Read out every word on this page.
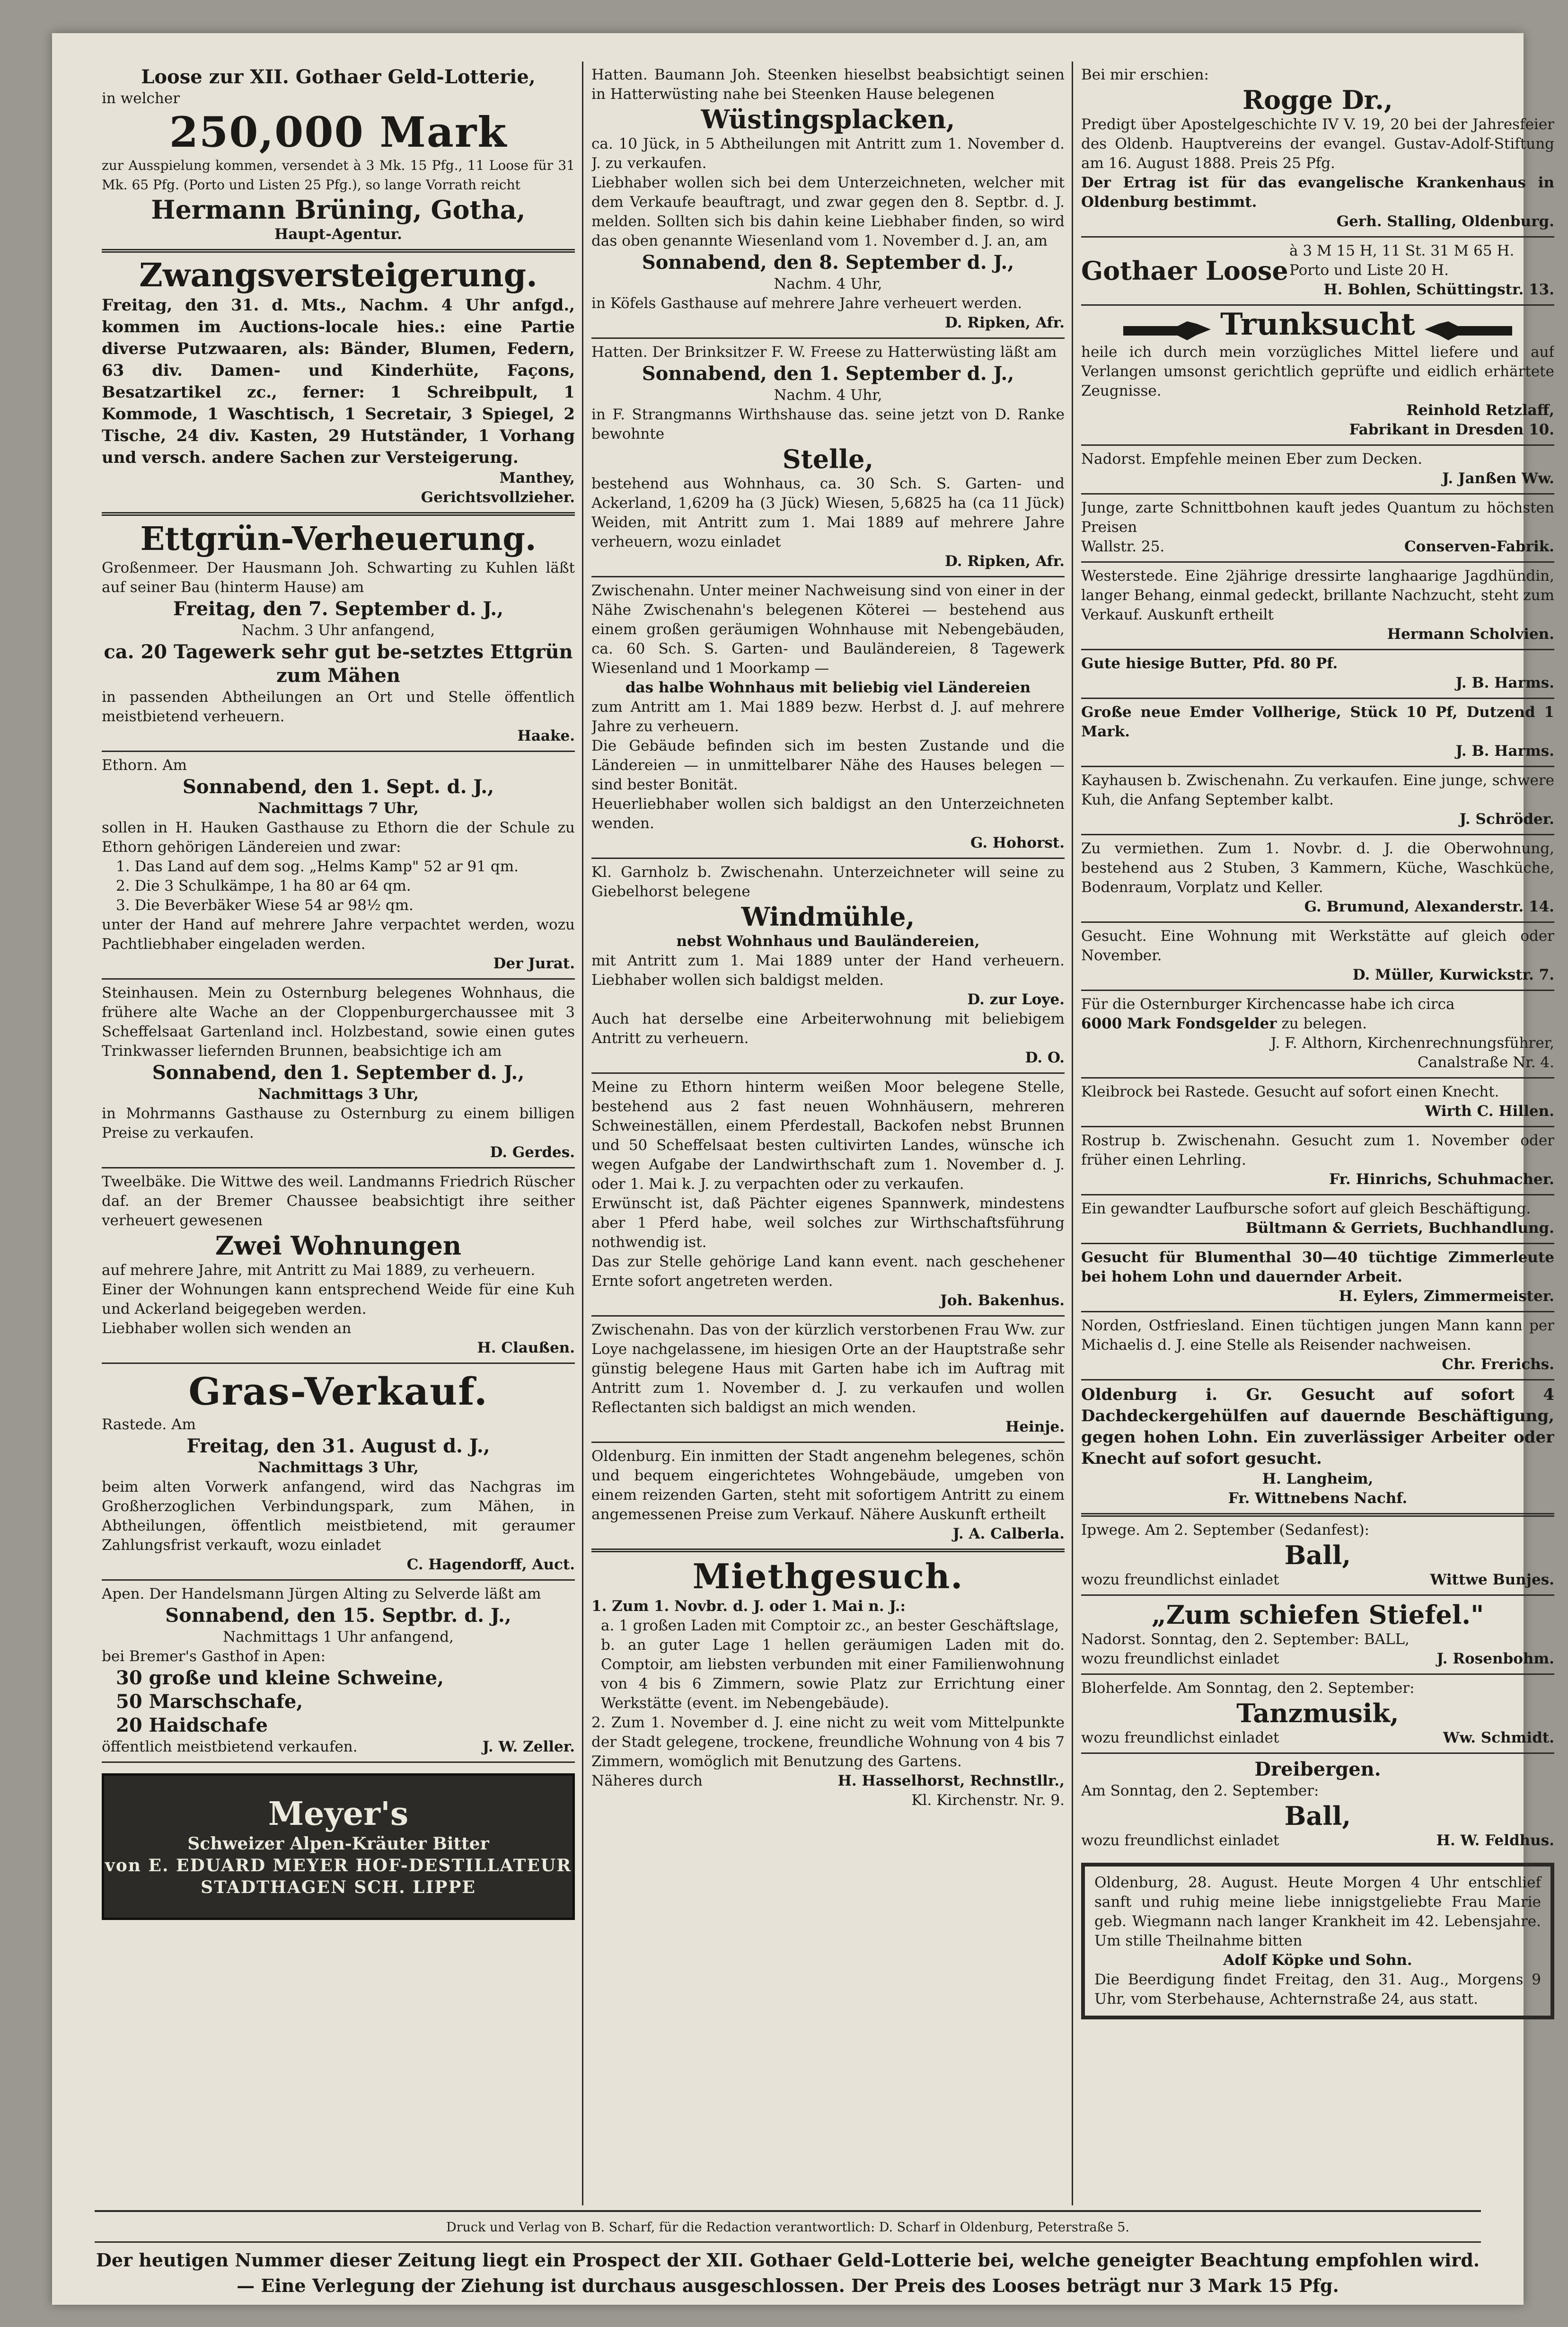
Loose zur XII. Gothaer Geld-Lotterie,
in welcher
250,000 Mark
zur Ausspielung kommen, versendet à 3 Mk. 15 Pfg., 11 Loose für 31 Mk. 65 Pfg. (Porto und Listen 25 Pfg.), so lange Vorrath reicht
Hermann Brüning, Gotha,
Haupt-Agentur.
Zwangsversteigerung.
Freitag, den 31. d. Mts., Nachm. 4 Uhr anfgd., kommen im Auctions-locale hies.: eine Partie diverse Putzwaaren, als: Bänder, Blumen, Federn, 63 div. Damen- und Kinderhüte, Façons, Besatzartikel zc., ferner: 1 Schreibpult, 1 Kommode, 1 Waschtisch, 1 Secretair, 3 Spiegel, 2 Tische, 24 div. Kasten, 29 Hutständer, 1 Vorhang und versch. andere Sachen zur Versteigerung.
Manthey,
Gerichtsvollzieher.
Ettgrün-Verheuerung.
Großenmeer. Der Hausmann Joh. Schwarting zu Kuhlen läßt auf seiner Bau (hinterm Hause) am
Freitag, den 7. September d. J.,
Nachm. 3 Uhr anfangend,
ca. 20 Tagewerk sehr gut be-setztes Ettgrün zum Mähen
in passenden Abtheilungen an Ort und Stelle öffentlich meistbietend verheuern.
Haake.
Ethorn. Am
Sonnabend, den 1. Sept. d. J.,
Nachmittags 7 Uhr,
sollen in H. Hauken Gasthause zu Ethorn die der Schule zu Ethorn gehörigen Ländereien und zwar:
1. Das Land auf dem sog. „Helms Kamp" 52 ar 91 qm.
2. Die 3 Schulkämpe, 1 ha 80 ar 64 qm.
3. Die Beverbäker Wiese 54 ar 98½ qm.
unter der Hand auf mehrere Jahre verpachtet werden, wozu Pachtliebhaber eingeladen werden.
Der Jurat.
Steinhausen. Mein zu Osternburg belegenes Wohnhaus, die frühere alte Wache an der Cloppenburgerchaussee mit 3 Scheffelsaat Gartenland incl. Holzbestand, sowie einen gutes Trinkwasser liefernden Brunnen, beabsichtige ich am
Sonnabend, den 1. September d. J.,
Nachmittags 3 Uhr,
in Mohrmanns Gasthause zu Osternburg zu einem billigen Preise zu verkaufen.
D. Gerdes.
Tweelbäke. Die Wittwe des weil. Landmanns Friedrich Rüscher daf. an der Bremer Chaussee beabsichtigt ihre seither verheuert gewesenen
Zwei Wohnungen
auf mehrere Jahre, mit Antritt zu Mai 1889, zu verheuern.
Einer der Wohnungen kann entsprechend Weide für eine Kuh und Ackerland beigegeben werden.
Liebhaber wollen sich wenden an
H. Claußen.
Gras-Verkauf.
Rastede. Am
Freitag, den 31. August d. J.,
Nachmittags 3 Uhr,
beim alten Vorwerk anfangend, wird das Nachgras im Großherzoglichen Verbindungspark, zum Mähen, in Abtheilungen, öffentlich meistbietend, mit geraumer Zahlungsfrist verkauft, wozu einladet
C. Hagendorff, Auct.
Apen. Der Handelsmann Jürgen Alting zu Selverde läßt am
Sonnabend, den 15. Septbr. d. J.,
Nachmittags 1 Uhr anfangend,
bei Bremer's Gasthof in Apen:
30 große und kleine Schweine,
50 Marschschafe,
20 Haidschafe
öffentlich meistbietend verkaufen.	J. W. Zeller.
Meyer's
Schweizer Alpen-Kräuter Bitter
von E. EDUARD MEYER HOF-DESTILLATEUR
STADTHAGEN SCH. LIPPE
Hatten. Baumann Joh. Steenken hieselbst beabsichtigt seinen in Hatterwüsting nahe bei Steenken Hause belegenen
Wüstingsplacken,
ca. 10 Jück, in 5 Abtheilungen mit Antritt zum 1. November d. J. zu verkaufen.
Liebhaber wollen sich bei dem Unterzeichneten, welcher mit dem Verkaufe beauftragt, und zwar gegen den 8. Septbr. d. J. melden. Sollten sich bis dahin keine Liebhaber finden, so wird das oben genannte Wiesenland vom 1. November d. J. an, am
Sonnabend, den 8. September d. J.,
Nachm. 4 Uhr,
in Köfels Gasthause auf mehrere Jahre verheuert werden.
D. Ripken, Afr.
Hatten. Der Brinksitzer F. W. Freese zu Hatterwüsting läßt am
Sonnabend, den 1. September d. J.,
Nachm. 4 Uhr,
in F. Strangmanns Wirthshause das. seine jetzt von D. Ranke bewohnte
Stelle,
bestehend aus Wohnhaus, ca. 30 Sch. S. Garten- und Ackerland, 1,6209 ha (3 Jück) Wiesen, 5,6825 ha (ca 11 Jück) Weiden, mit Antritt zum 1. Mai 1889 auf mehrere Jahre verheuern, wozu einladet
D. Ripken, Afr.
Zwischenahn. Unter meiner Nachweisung sind von einer in der Nähe Zwischenahn's belegenen Köterei — bestehend aus einem großen geräumigen Wohnhause mit Nebengebäuden, ca. 60 Sch. S. Garten- und Bauländereien, 8 Tagewerk Wiesenland und 1 Moorkamp —
das halbe Wohnhaus mit beliebig viel Ländereien
zum Antritt am 1. Mai 1889 bezw. Herbst d. J. auf mehrere Jahre zu verheuern.
Die Gebäude befinden sich im besten Zustande und die Ländereien — in unmittelbarer Nähe des Hauses belegen — sind bester Bonität.
Heuerliebhaber wollen sich baldigst an den Unterzeichneten wenden.
G. Hohorst.
Kl. Garnholz b. Zwischenahn. Unterzeichneter will seine zu Giebelhorst belegene
Windmühle,
nebst Wohnhaus und Bauländereien,
mit Antritt zum 1. Mai 1889 unter der Hand verheuern. Liebhaber wollen sich baldigst melden.
D. zur Loye.
Auch hat derselbe eine Arbeiterwohnung mit beliebigem Antritt zu verheuern.
D. O.
Meine zu Ethorn hinterm weißen Moor belegene Stelle, bestehend aus 2 fast neuen Wohnhäusern, mehreren Schweineställen, einem Pferdestall, Backofen nebst Brunnen und 50 Scheffelsaat besten cultivirten Landes, wünsche ich wegen Aufgabe der Landwirthschaft zum 1. November d. J. oder 1. Mai k. J. zu verpachten oder zu verkaufen.
Erwünscht ist, daß Pächter eigenes Spannwerk, mindestens aber 1 Pferd habe, weil solches zur Wirthschaftsführung nothwendig ist.
Das zur Stelle gehörige Land kann event. nach geschehener Ernte sofort angetreten werden.
Joh. Bakenhus.
Zwischenahn. Das von der kürzlich verstorbenen Frau Ww. zur Loye nachgelassene, im hiesigen Orte an der Hauptstraße sehr günstig belegene Haus mit Garten habe ich im Auftrag mit Antritt zum 1. November d. J. zu verkaufen und wollen Reflectanten sich baldigst an mich wenden.
Heinje.
Oldenburg. Ein inmitten der Stadt angenehm belegenes, schön und bequem eingerichtetes Wohngebäude, umgeben von einem reizenden Garten, steht mit sofortigem Antritt zu einem angemessenen Preise zum Verkauf. Nähere Auskunft ertheilt
J. A. Calberla.
Miethgesuch.
1. Zum 1. Novbr. d. J. oder 1. Mai n. J.:
a. 1 großen Laden mit Comptoir zc., an bester Geschäftslage,
b. an guter Lage 1 hellen geräumigen Laden mit do. Comptoir, am liebsten verbunden mit einer Familienwohnung von 4 bis 6 Zimmern, sowie Platz zur Errichtung einer Werkstätte (event. im Nebengebäude).
2. Zum 1. November d. J. eine nicht zu weit vom Mittelpunkte der Stadt gelegene, trockene, freundliche Wohnung von 4 bis 7 Zimmern, womöglich mit Benutzung des Gartens.
Näheres durch	H. Hasselhorst, Rechnstllr.,
Kl. Kirchenstr. Nr. 9.
Bei mir erschien:
Rogge Dr.,
Predigt über Apostelgeschichte IV V. 19, 20 bei der Jahresfeier des Oldenb. Hauptvereins der evangel. Gustav-Adolf-Stiftung am 16. August 1888. Preis 25 Pfg.
Der Ertrag ist für das evangelische Krankenhaus in Oldenburg bestimmt.
Gerh. Stalling, Oldenburg.
Gothaer Loose
à 3 M 15 H, 11 St. 31 M 65 H. Porto und Liste 20 H.
H. Bohlen, Schüttingstr. 13.
Trunksucht
heile ich durch mein vorzügliches Mittel liefere und auf Verlangen umsonst gerichtlich geprüfte und eidlich erhärtete Zeugnisse.
Reinhold Retzlaff,
Fabrikant in Dresden 10.
Nadorst. Empfehle meinen Eber zum Decken.
J. Janßen Ww.
Junge, zarte Schnittbohnen kauft jedes Quantum zu höchsten Preisen
Wallstr. 25.	Conserven-Fabrik.
Westerstede. Eine 2jährige dressirte langhaarige Jagdhündin, langer Behang, einmal gedeckt, brillante Nachzucht, steht zum Verkauf. Auskunft ertheilt
Hermann Scholvien.
Gute hiesige Butter, Pfd. 80 Pf.
J. B. Harms.
Große neue Emder Vollherige, Stück 10 Pf, Dutzend 1 Mark.
J. B. Harms.
Kayhausen b. Zwischenahn. Zu verkaufen. Eine junge, schwere Kuh, die Anfang September kalbt.
J. Schröder.
Zu vermiethen. Zum 1. Novbr. d. J. die Oberwohnung, bestehend aus 2 Stuben, 3 Kammern, Küche, Waschküche, Bodenraum, Vorplatz und Keller.
G. Brumund, Alexanderstr. 14.
Gesucht. Eine Wohnung mit Werkstätte auf gleich oder November.
D. Müller, Kurwickstr. 7.
Für die Osternburger Kirchencasse habe ich circa
6000 Mark Fondsgelder zu belegen.
J. F. Althorn, Kirchenrechnungsführer,
Canalstraße Nr. 4.
Kleibrock bei Rastede. Gesucht auf sofort einen Knecht.
Wirth C. Hillen.
Rostrup b. Zwischenahn. Gesucht zum 1. November oder früher einen Lehrling.
Fr. Hinrichs, Schuhmacher.
Ein gewandter Laufbursche sofort auf gleich Beschäftigung.
Bültmann & Gerriets, Buchhandlung.
Gesucht für Blumenthal 30—40 tüchtige Zimmerleute bei hohem Lohn und dauernder Arbeit.
H. Eylers, Zimmermeister.
Norden, Ostfriesland. Einen tüchtigen jungen Mann kann per Michaelis d. J. eine Stelle als Reisender nachweisen.
Chr. Frerichs.
Oldenburg i. Gr. Gesucht auf sofort 4 Dachdeckergehülfen auf dauernde Beschäftigung, gegen hohen Lohn. Ein zuverlässiger Arbeiter oder Knecht auf sofort gesucht.
H. Langheim,
Fr. Wittnebens Nachf.
Ipwege. Am 2. September (Sedanfest):
Ball,
wozu freundlichst einladet	Wittwe Bunjes.
„Zum schiefen Stiefel."
Nadorst. Sonntag, den 2. September: BALL,
wozu freundlichst einladet	J. Rosenbohm.
Bloherfelde. Am Sonntag, den 2. September:
Tanzmusik,
wozu freundlichst einladet	Ww. Schmidt.
Dreibergen.
Am Sonntag, den 2. September:
Ball,
wozu freundlichst einladet	H. W. Feldhus.
Oldenburg, 28. August. Heute Morgen 4 Uhr entschlief sanft und ruhig meine liebe innigstgeliebte Frau Marie geb. Wiegmann nach langer Krankheit im 42. Lebensjahre. Um stille Theilnahme bitten
Adolf Köpke und Sohn.
Die Beerdigung findet Freitag, den 31. Aug., Morgens 9 Uhr, vom Sterbehause, Achternstraße 24, aus statt.
Druck und Verlag von B. Scharf, für die Redaction verantwortlich: D. Scharf in Oldenburg, Peterstraße 5.
Der heutigen Nummer dieser Zeitung liegt ein Prospect der XII. Gothaer Geld-Lotterie bei, welche geneigter Beachtung empfohlen wird. — Eine Verlegung der Ziehung ist durchaus ausgeschlossen. Der Preis des Looses beträgt nur 3 Mark 15 Pfg.
